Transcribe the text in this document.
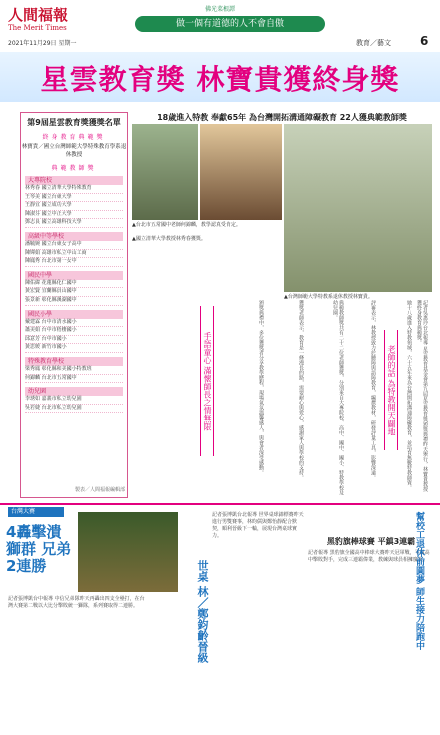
人間福報
The Merit Times
2021年11月29日 星期一
佛光菜根譚
做一個有道德的人不會自傲
教育／藝文 6
星雲教育獎 林寶貴獲終身獎
第9屆星雲教育獎獲獎名單
終身教育典範獎
林寶貴／國立台灣師範大學特殊教育學系退休教授
典範教師獎
大專院校
林秀春 國立清華大學特殊教育
王琴美 國立台東大學
王靜宜 國立成功大學
陳淑芬 國立中正大學
鄧志良 國立高雄科技大學
高級中等學校
潘毓婉 國立台東女子高中
陳嬋娟 高雄市私立中山工商
陳鳳秀 台北市第一女中
國民中學
陳佑緯 花蓮縣化仁國中
黃宏賢 宜蘭縣員山國中
張景新 彰化縣溪湖國中
國民小學
戴建霖 台中市清水國小
蕭美娟 台中市梧棲國小
邱意芳 台中市國小
黃思媛 新竹市國小
特殊教育學校
梁秀鳳 彰化縣和美國小特教班
何錦麟 台北市五常國中
幼兒園
李琇如 嘉義市私立幼兒園
吳若婕 台北市私立幼兒園
製表／人間福報編輯部
18歲進入特教 奉獻65年 為台灣開拓溝通障礙教育 22人獲典範教師獎
▲台北市五常國中老師何錦麟，教學認真受肯定。
▲國立清華大學教授林秀春獲獎。
▲台灣師範大學特教系退休教授林寶貴。
記者吳惠玲台北報導 星雲教育基金會第九屆星雲教育獎頒獎典禮昨天舉行，林寶貴教授獲終身教育典範獎。
她十八歲進入特教領域，六十五年來為台灣開拓溝通障礙教育，並培育無數特教師資。
老師的話 為特教開天闢地
評審表示，林教授致力於聽障與語障教育，編撰教材，研發評量工具，影響深遠。
典範教師獎共有二十二位老師獲獎，分別來自大專院校、高中、國中、國小、特教學校及幼兒園。
獲獎老師表示，教育是一條漫長的路，需要耐心與愛心，感謝家人與學校的支持。
頒獎典禮中，多位獲獎者分享教學歷程，現場氣氛溫馨感人，與會者深受感動。
手語童心 滿懷師長之情無限
台灣大賽
4轟擊潰獅群 兄弟2連勝
記者張博凱台中報導 中信兄弟隊昨天再轟出四支全壘打，在台灣大賽第二戰以大比分擊敗統一獅隊，系列賽取得二連勝。	世桌 林／鄭鈞齡晉級
記者張博凱台北報導 世界桌球錦標賽昨天進行男雙賽事，林昀儒與鄭怡靜配合默契，順利晉級下一輪，展現台灣桌球實力。
黑豹旗棒球賽 平鎮3連霸
記者報導 黑豹旗全國高中棒球大賽昨天冠軍戰，平鎮高中擊敗對手，完成三連霸偉業，教練與球員相擁慶祝。
幫校工退休前圓夢 師生接力陪跑中
